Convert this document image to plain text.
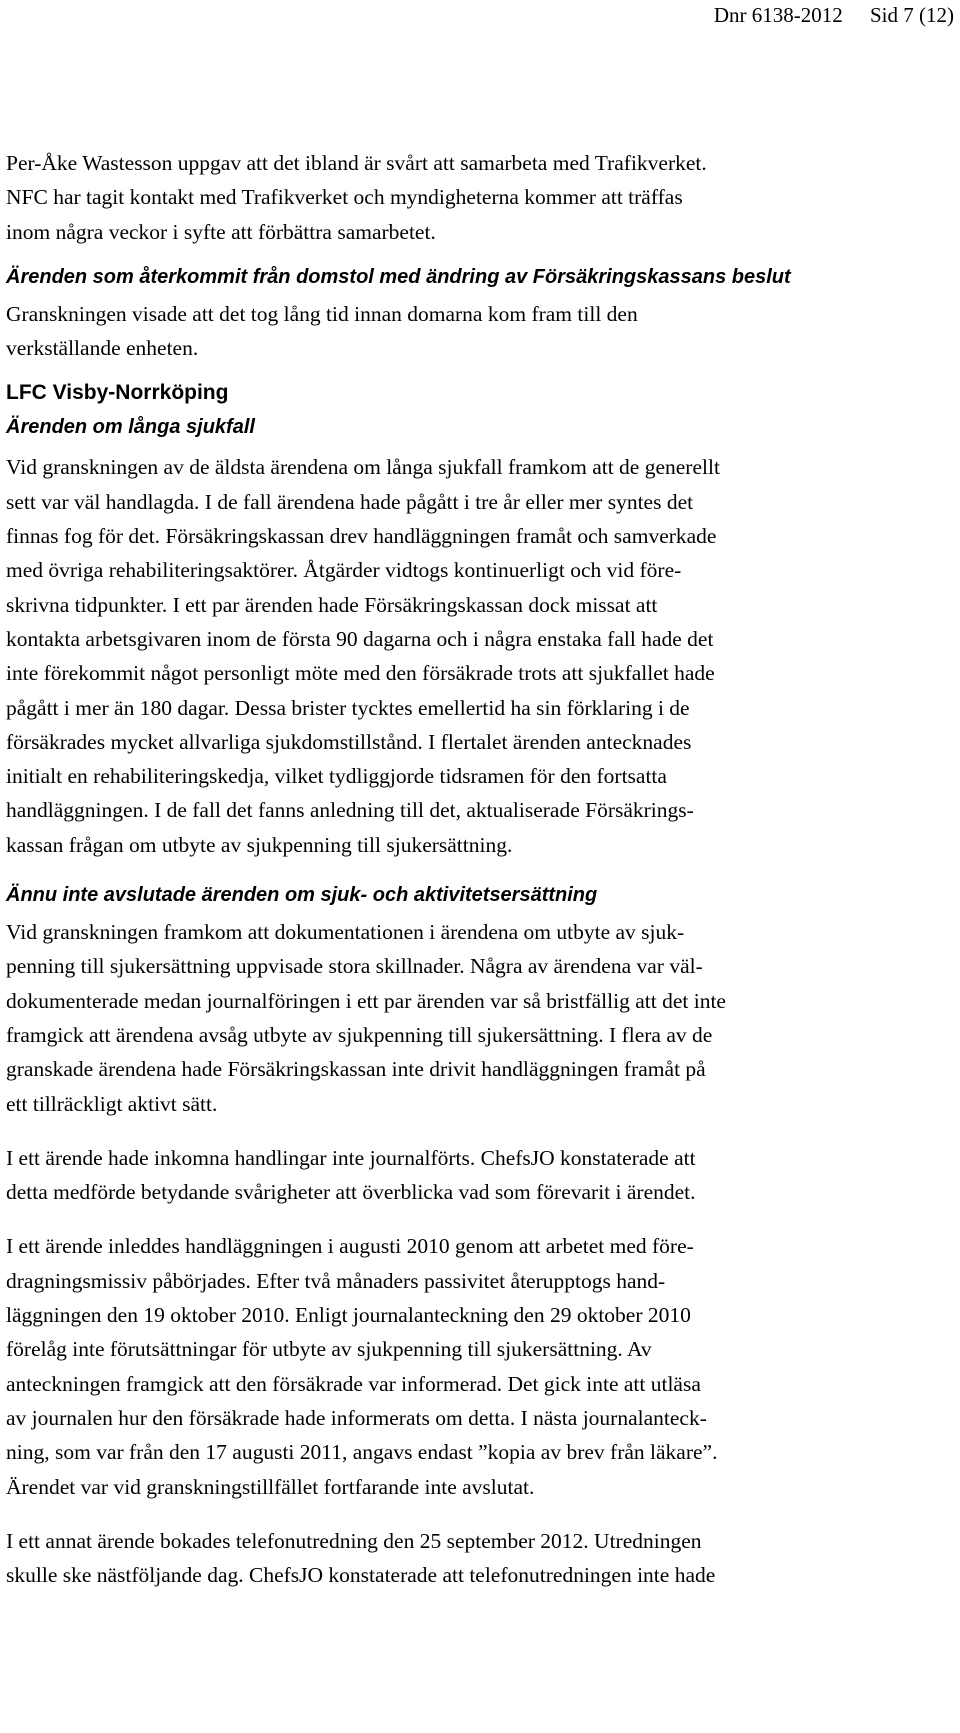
Dnr 6138-2012 Sid 7 (12)

Per-Åke Wastesson uppgav att det ibland är svårt att samarbeta med Trafikverket.
NFC har tagit kontakt med Trafikverket och myndigheterna kommer att träffas
inom några veckor i syfte att förbättra samarbetet.

Ärenden som återkommit från domstol med ändring av Försäkringskassans beslut

Granskningen visade att det tog lång tid innan domarna kom fram till den
verkställande enheten.

LFC Visby-Norrköping
Ärenden om långa sjukfall

Vid granskningen av de äldsta ärendena om långa sjukfall framkom att de generellt
sett var väl handlagda. I de fall ärendena hade pågått i tre år eller mer syntes det
finnas fog för det. Försäkringskassan drev handläggningen framåt och samverkade
med övriga rehabiliteringsaktörer. Åtgärder vidtogs kontinuerligt och vid före-
skrivna tidpunkter. I ett par ärenden hade Försäkringskassan dock missat att
kontakta arbetsgivaren inom de första 90 dagarna och i några enstaka fall hade det
inte förekommit något personligt möte med den försäkrade trots att sjukfallet hade
pågått i mer än 180 dagar. Dessa brister tycktes emellertid ha sin förklaring i de
försäkrades mycket allvarliga sjukdomstillstånd. I flertalet ärenden antecknades
initialt en rehabiliteringskedja, vilket tydliggjorde tidsramen för den fortsatta
handläggningen. I de fall det fanns anledning till det, aktualiserade Försäkrings-
kassan frågan om utbyte av sjukpenning till sjukersättning.

Ännu inte avslutade ärenden om sjuk- och aktivitetsersättning

Vid granskningen framkom att dokumentationen i ärendena om utbyte av sjuk-
penning till sjukersättning uppvisade stora skillnader. Några av ärendena var väl-
dokumenterade medan journalföringen i ett par ärenden var så bristfällig att det inte
framgick att ärendena avsåg utbyte av sjukpenning till sjukersättning. I flera av de
granskade ärendena hade Försäkringskassan inte drivit handläggningen framåt på
ett tillräckligt aktivt sätt.

I ett ärende hade inkomna handlingar inte journalförts. ChefsJO konstaterade att
detta medförde betydande svårigheter att överblicka vad som förevarit i ärendet.

I ett ärende inleddes handläggningen i augusti 2010 genom att arbetet med före-
dragningsmissiv påbörjades. Efter två månaders passivitet återupptogs hand-
läggningen den 19 oktober 2010. Enligt journalanteckning den 29 oktober 2010
förelåg inte förutsättningar för utbyte av sjukpenning till sjukersättning. Av
anteckningen framgick att den försäkrade var informerad. Det gick inte att utläsa
av journalen hur den försäkrade hade informerats om detta. I nästa journalanteck-
ning, som var från den 17 augusti 2011, angavs endast ”kopia av brev från läkare”.
Ärendet var vid granskningstillfället fortfarande inte avslutat.

I ett annat ärende bokades telefonutredning den 25 september 2012. Utredningen
skulle ske nästföljande dag. ChefsJO konstaterade att telefonutredningen inte hade
